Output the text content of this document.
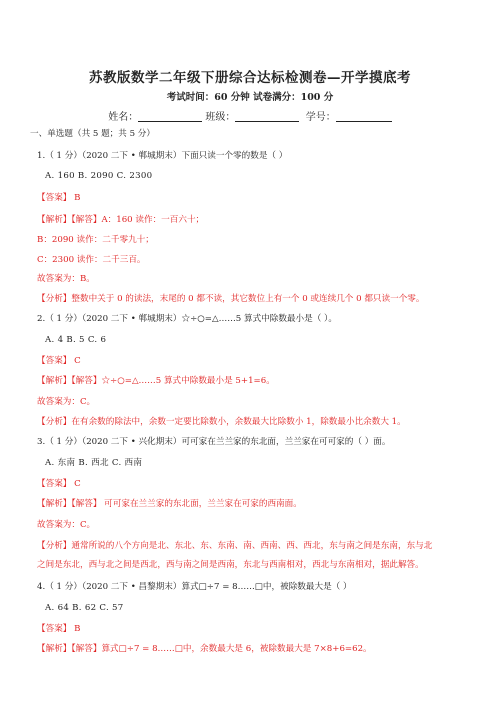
苏教版数学二年级下册综合达标检测卷—开学摸底考
考试时间：60 分钟 试卷满分：100 分
姓名：	班级：	学号：
一、单选题（共 5 题；共 5 分）
1.（ 1 分）（2020 二下 • 郸城期末）下面只读一个零的数是（ ）
A. 160 B. 2090 C. 2300
【答案】 B
【解析】【解答】A：160 读作：一百六十；
B：2090 读作：二千零九十；
C：2300 读作：二千三百。
故答案为：B。
【分析】整数中关于 0 的读法，末尾的 0 都不读，其它数位上有一个 0 或连续几个 0 都只读一个零。
2.（ 1 分）（2020 二下 • 郸城期末）☆÷○=△……5 算式中除数最小是（ ）。
A. 4 B. 5 C. 6
【答案】 C
【解析】【解答】☆÷○=△……5 算式中除数最小是 5+1=6。
故答案为：C。
【分析】在有余数的除法中，余数一定要比除数小，余数最大比除数小 1，除数最小比余数大 1。
3.（ 1 分）（2020 二下 • 兴化期末）可可家在兰兰家的东北面，兰兰家在可可家的（ ）面。
A. 东南 B. 西北 C. 西南
【答案】 C
【解析】【解答】 可可家在兰兰家的东北面，兰兰家在可家的西南面。
故答案为：C。
【分析】通常所说的八个方向是北、东北、东、东南、南、西南、西、西北，东与南之间是东南，东与北
之间是东北，西与北之间是西北，西与南之间是西南，东北与西南相对，西北与东南相对，据此解答。
4.（ 1 分）（2020 二下 • 昌黎期末）算式□÷7 = 8……□中，被除数最大是（ ）
A. 64 B. 62 C. 57
【答案】 B
【解析】【解答】算式□÷7 = 8……□中，余数最大是 6，被除数最大是 7×8+6=62。
